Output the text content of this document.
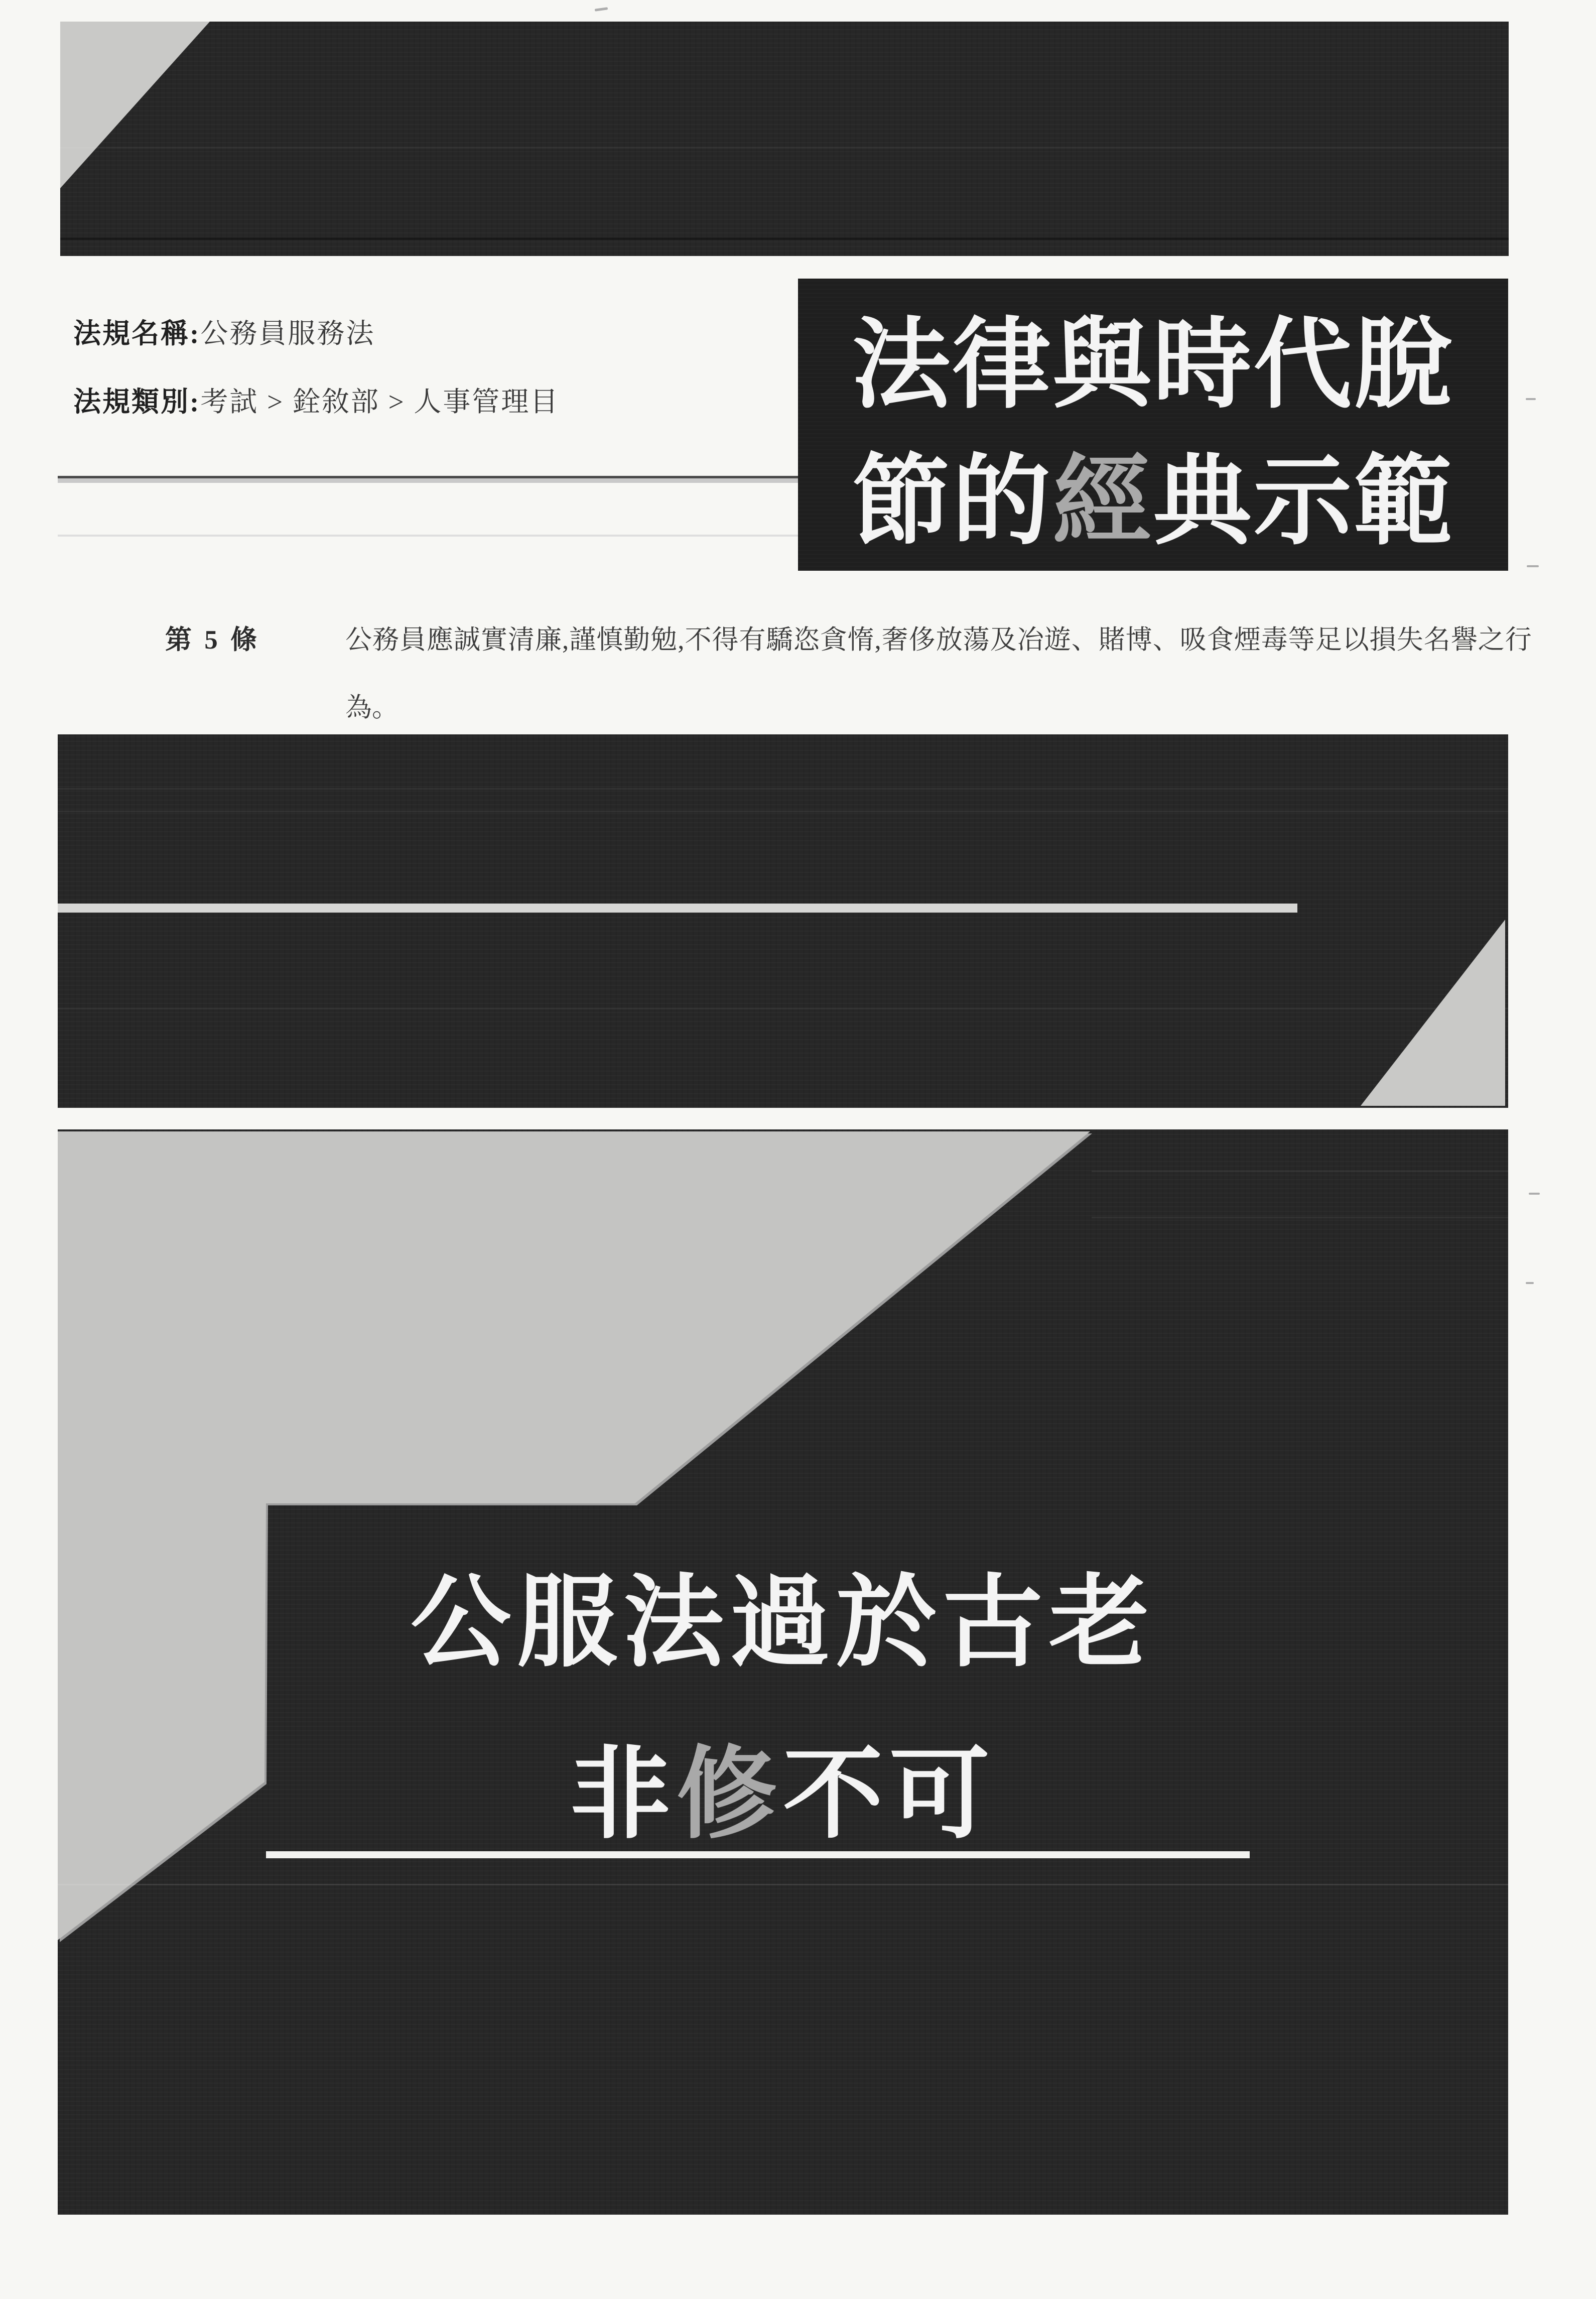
法規名稱:公務員服務法
法規類別:考試 > 銓敘部 > 人事管理目	法律與時代脫
節的經典示範
第 5 條	公務員應誠實清廉,謹慎勤勉,不得有驕恣貪惰,奢侈放蕩及冶遊、賭博、吸食煙毒等足以損失名譽之行
為。
公服法過於古老
非修不可
